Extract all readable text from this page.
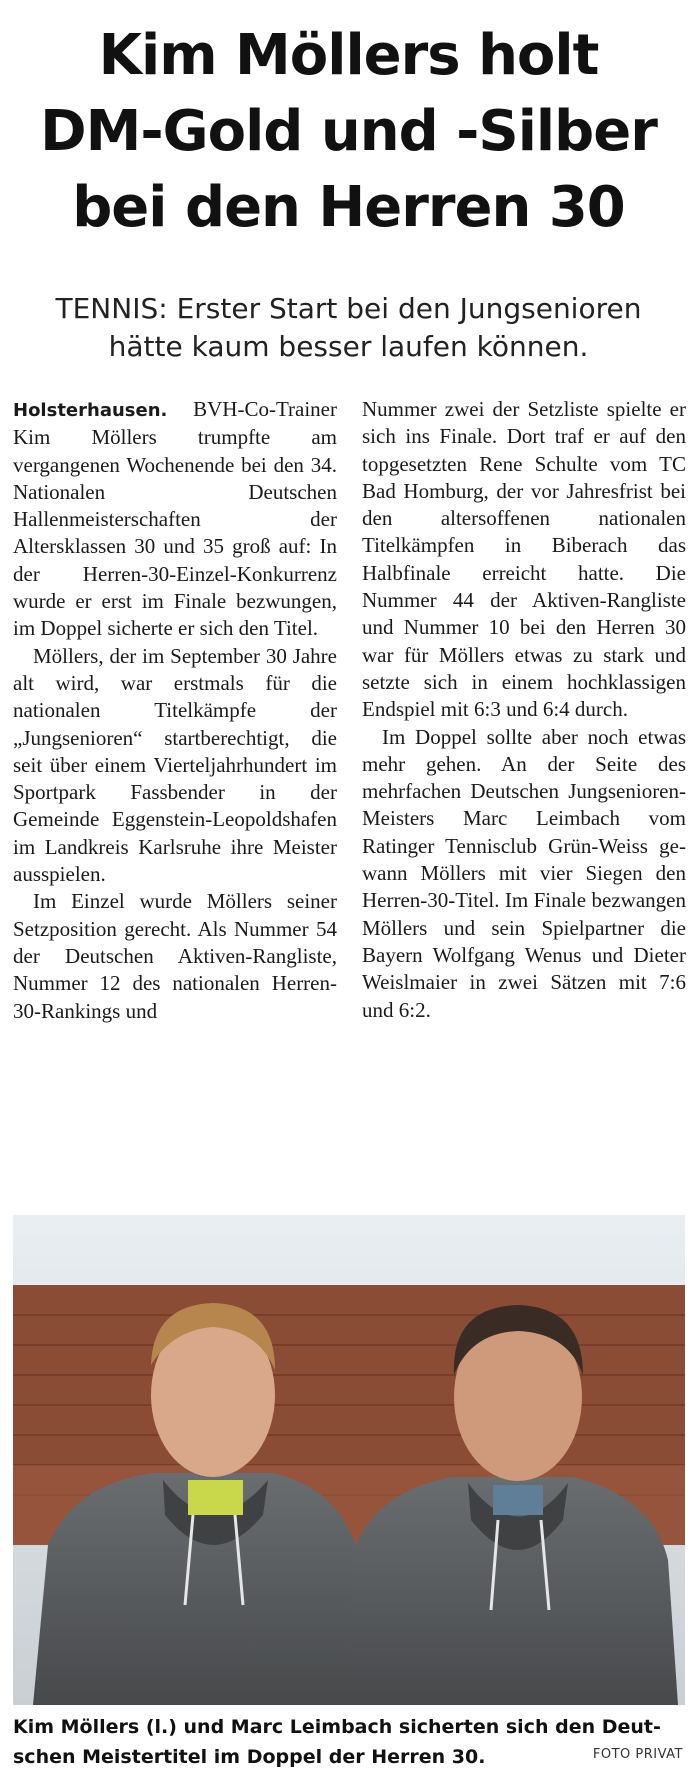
Kim Möllers holt
DM-Gold und -Silber
bei den Herren 30
TENNIS: Erster Start bei den Jungsenioren
hätte kaum besser laufen können.

Holsterhausen. BVH-Co-Trainer Kim Möllers trumpfte am vergangenen Wochenende bei den 34. Nationalen Deutschen Hallenmeisterschaften der Altersklassen 30 und 35 groß auf: In der Herren-30-Einzel-Konkurrenz wurde er erst im Finale bezwungen, im Doppel sicherte er sich den Titel.

Möllers, der im September 30 Jahre alt wird, war erstmals für die nationalen Titelkämpfe der „Jungsenioren“ startberechtigt, die seit über einem Vierteljahrhundert im Sportpark Fassbender in der Gemeinde Eggenstein-Leopoldshafen im Landkreis Karlsruhe ihre Meister ausspielen.

Im Einzel wurde Möllers seiner Setzposition gerecht. Als Nummer 54 der Deutschen Aktiven-Rangliste, Nummer 12 des nationalen Herren-30-Rankings und

Nummer zwei der Setzliste spielte er sich ins Finale. Dort traf er auf den topgesetzten Rene Schulte vom TC Bad Homburg, der vor Jahresfrist bei den altersoffenen nationalen Titelkämpfen in Biberach das Halbfinale erreicht hatte. Die Nummer 44 der Aktiven-Rangliste und Nummer 10 bei den Herren 30 war für Möllers etwas zu stark und setzte sich in einem hochklassigen Endspiel mit 6:3 und 6:4 durch.

Im Doppel sollte aber noch etwas mehr gehen. An der Seite des mehrfachen Deutschen Jungsenioren-Meisters Marc Leimbach vom Ratinger Tennisclub Grün-Weiss gewann Möllers mit vier Siegen den Herren-30-Titel. Im Finale bezwangen Möllers und sein Spielpartner die Bayern Wolfgang Wenus und Dieter Weislmaier in zwei Sätzen mit 7:6 und 6:2.

Kim Möllers (l.) und Marc Leimbach sicherten sich den Deut-
schen Meistertitel im Doppel der Herren 30.	FOTO PRIVAT
